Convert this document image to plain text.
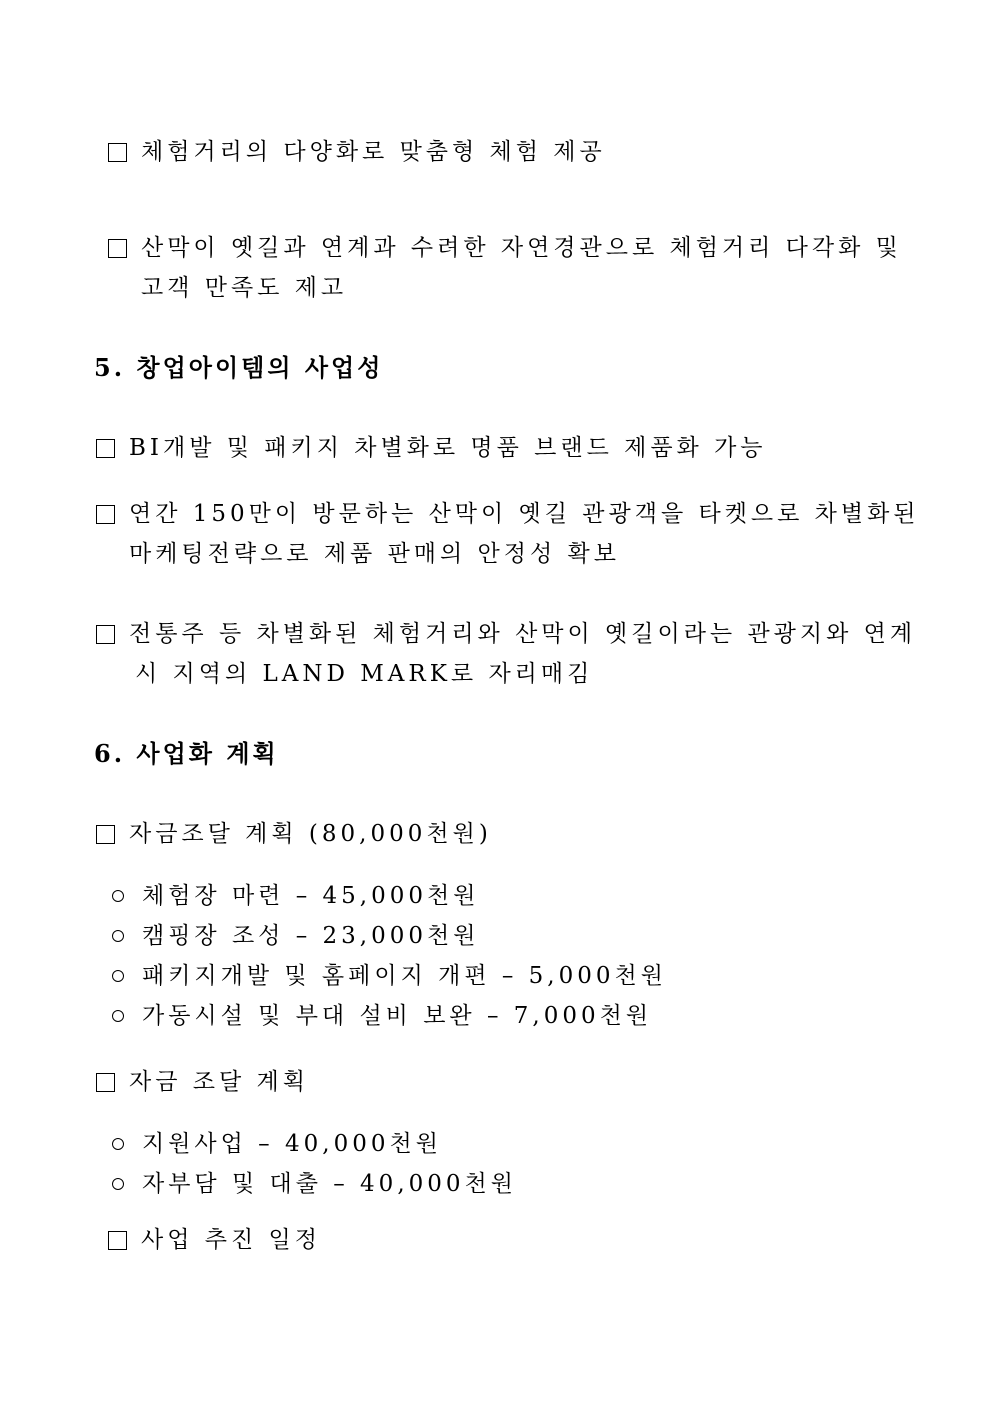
체험거리의 다양화로 맞춤형 체험 제공
산막이 옛길과 연계과 수려한 자연경관으로 체험거리 다각화 및
고객 만족도 제고
5. 창업아이템의 사업성
BI개발 및 패키지 차별화로 명품 브랜드 제품화 가능
연간 150만이 방문하는 산막이 옛길 관광객을 타켓으로 차별화된
마케팅전략으로 제품 판매의 안정성 확보
전통주 등 차별화된 체험거리와 산막이 옛길이라는 관광지와 연계
시 지역의 LAND MARK로 자리매김
6. 사업화 계획
자금조달 계획 (80,000천원)
체험장 마련 – 45,000천원
캠핑장 조성 – 23,000천원
패키지개발 및 홈페이지 개편 – 5,000천원
가동시설 및 부대 설비 보완 – 7,000천원
자금 조달 계획
지원사업 – 40,000천원
자부담 및 대출 – 40,000천원
사업 추진 일정
